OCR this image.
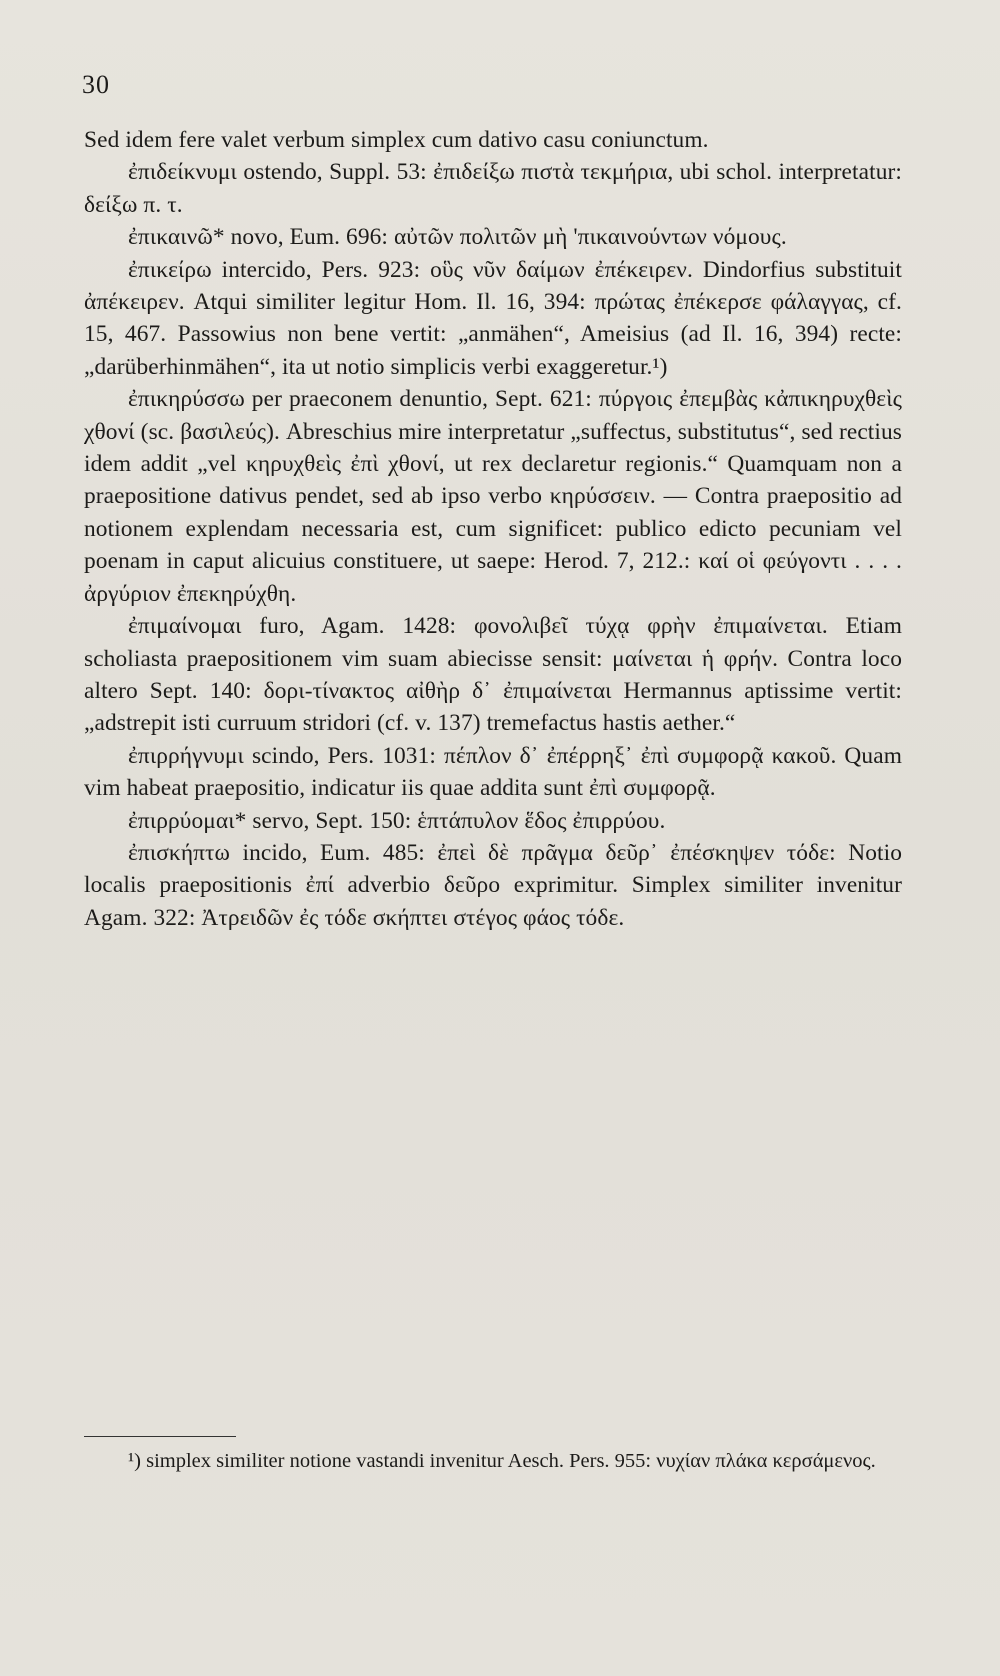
30

Sed idem fere valet verbum simplex cum dativo casu coniunctum.

ἐπιδείκνυμι ostendo, Suppl. 53: ἐπιδείξω πιστὰ τεκμήρια, ubi schol. interpretatur: δείξω π. τ.

ἐπικαινῶ* novo, Eum. 696: αὐτῶν πολιτῶν μὴ 'πικαινούντων νόμους.

ἐπικείρω intercido, Pers. 923: οὓς νῦν δαίμων ἐπέκειρεν. Dindorfius substituit ἀπέκειρεν. Atqui similiter legitur Hom. Il. 16, 394: πρώτας ἐπέκερσε φάλαγγας, cf. 15, 467. Passowius non bene vertit: „anmähen“, Ameisius (ad Il. 16, 394) recte: „darüberhinmähen“, ita ut notio simplicis verbi exaggeretur.¹)

ἐπικηρύσσω per praeconem denuntio, Sept. 621: πύργοις ἐπεμβὰς κἀπικηρυχθεὶς χθονί (sc. βασιλεύς). Abreschius mire interpretatur „suffectus, substitutus“, sed rectius idem addit „vel κηρυχθεὶς ἐπὶ χθονί, ut rex declaretur regionis.“ Quamquam non a praepositione dativus pendet, sed ab ipso verbo κηρύσσειν. — Contra praepositio ad notionem explendam necessaria est, cum significet: publico edicto pecuniam vel poenam in caput alicuius constituere, ut saepe: Herod. 7, 212.: καί οἱ φεύγοντι . . . . ἀργύριον ἐπεκηρύχθη.

ἐπιμαίνομαι furo, Agam. 1428: φονολιβεῖ τύχᾳ φρὴν ἐπιμαίνεται. Etiam scholiasta praepositionem vim suam abiecisse sensit: μαίνεται ἡ φρήν. Contra loco altero Sept. 140: δορι-τίνακτος αἰθὴρ δ᾽ ἐπιμαίνεται Hermannus aptissime vertit: „adstrepit isti curruum stridori (cf. v. 137) tremefactus hastis aether.“

ἐπιρρήγνυμι scindo, Pers. 1031: πέπλον δ᾽ ἐπέρρηξ᾽ ἐπὶ συμφορᾷ κακοῦ. Quam vim habeat praepositio, indicatur iis quae addita sunt ἐπὶ συμφορᾷ.

ἐπιρρύομαι* servo, Sept. 150: ἑπτάπυλον ἕδος ἐπιρρύου.

ἐπισκήπτω incido, Eum. 485: ἐπεὶ δὲ πρᾶγμα δεῦρ᾽ ἐπέσκηψεν τόδε: Notio localis praepositionis ἐπί adverbio δεῦρο exprimitur. Simplex similiter invenitur Agam. 322: Ἀτρειδῶν ἐς τόδε σκήπτει στέγος φάος τόδε.

¹) simplex similiter notione vastandi invenitur Aesch. Pers. 955: νυχίαν πλάκα κερσάμενος.
